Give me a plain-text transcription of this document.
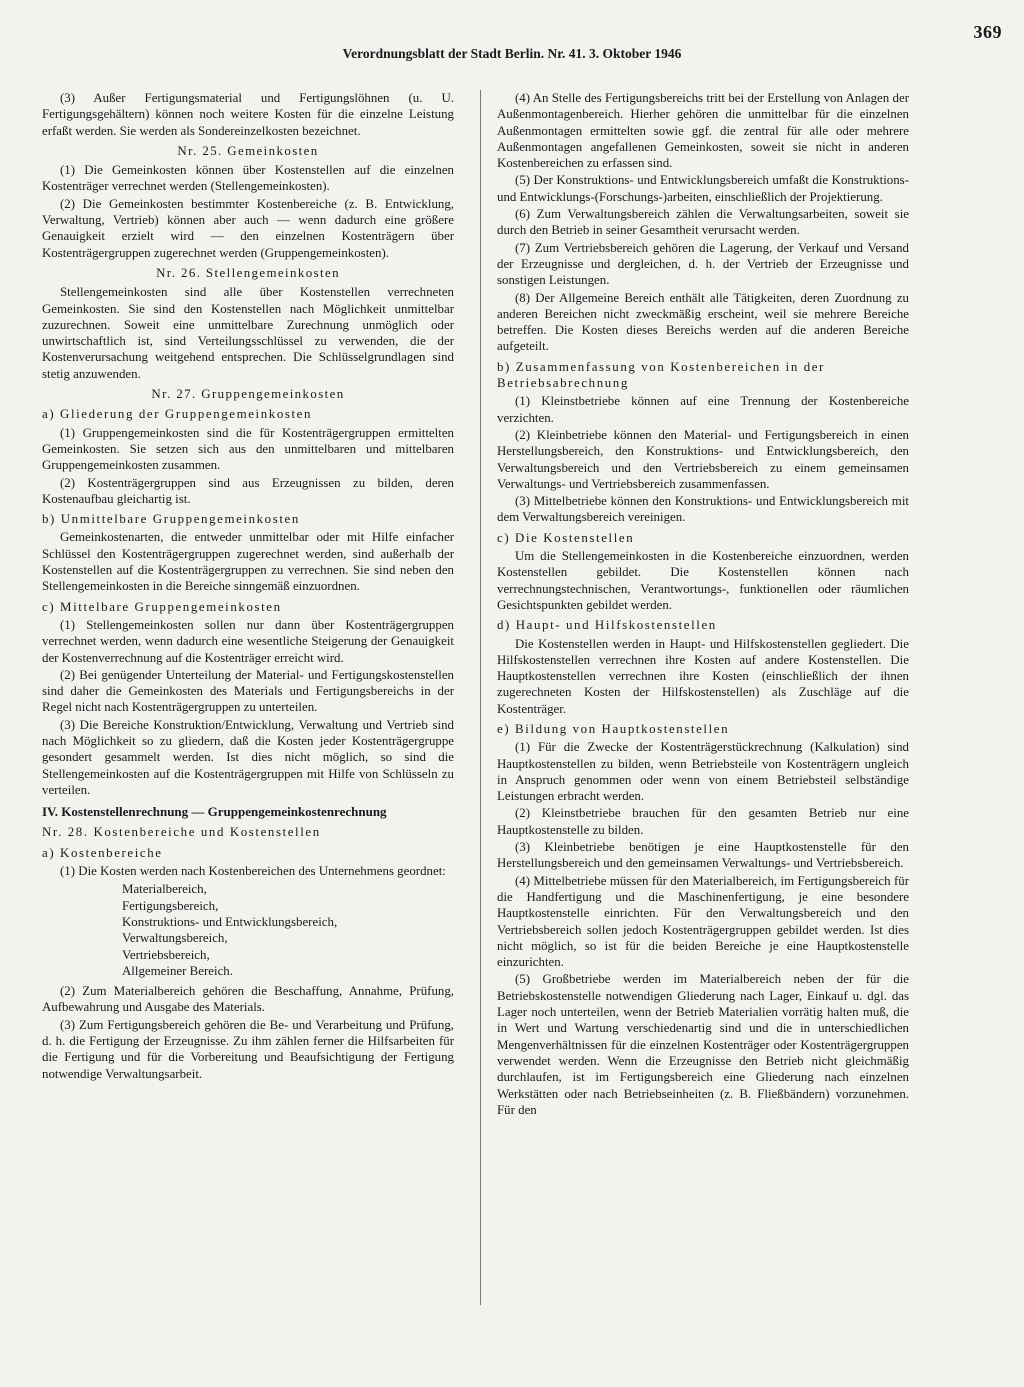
369
Verordnungsblatt der Stadt Berlin. Nr. 41. 3. Oktober 1946

(3) Außer Fertigungsmaterial und Fertigungslöhnen (u. U. Fertigungsgehältern) können noch weitere Kosten für die einzelne Leistung erfaßt werden. Sie werden als Sondereinzelkosten bezeichnet.

Nr. 25. Gemeinkosten

(1) Die Gemeinkosten können über Kostenstellen auf die einzelnen Kostenträger verrechnet werden (Stellengemeinkosten).

(2) Die Gemeinkosten bestimmter Kostenbereiche (z. B. Entwicklung, Verwaltung, Vertrieb) können aber auch — wenn dadurch eine größere Genauigkeit erzielt wird — den einzelnen Kostenträgern über Kostenträgergruppen zugerechnet werden (Gruppengemeinkosten).

Nr. 26. Stellengemeinkosten

Stellengemeinkosten sind alle über Kostenstellen verrechneten Gemeinkosten. Sie sind den Kostenstellen nach Möglichkeit unmittelbar zuzurechnen. Soweit eine unmittelbare Zurechnung unmöglich oder unwirtschaftlich ist, sind Verteilungsschlüssel zu verwenden, die der Kostenverursachung weitgehend entsprechen. Die Schlüsselgrundlagen sind stetig anzuwenden.

Nr. 27. Gruppengemeinkosten
a) Gliederung der Gruppengemeinkosten

(1) Gruppengemeinkosten sind die für Kostenträgergruppen ermittelten Gemeinkosten. Sie setzen sich aus den unmittelbaren und mittelbaren Gruppengemeinkosten zusammen.

(2) Kostenträgergruppen sind aus Erzeugnissen zu bilden, deren Kostenaufbau gleichartig ist.

b) Unmittelbare Gruppengemeinkosten

Gemeinkostenarten, die entweder unmittelbar oder mit Hilfe einfacher Schlüssel den Kostenträgergruppen zugerechnet werden, sind außerhalb der Kostenstellen auf die Kostenträgergruppen zu verrechnen. Sie sind neben den Stellengemeinkosten in die Bereiche sinngemäß einzuordnen.

c) Mittelbare Gruppengemeinkosten

(1) Stellengemeinkosten sollen nur dann über Kostenträgergruppen verrechnet werden, wenn dadurch eine wesentliche Steigerung der Genauigkeit der Kostenverrechnung auf die Kostenträger erreicht wird.

(2) Bei genügender Unterteilung der Material- und Fertigungskostenstellen sind daher die Gemeinkosten des Materials und Fertigungsbereichs in der Regel nicht nach Kostenträgergruppen zu unterteilen.

(3) Die Bereiche Konstruktion/Entwicklung, Verwaltung und Vertrieb sind nach Möglichkeit so zu gliedern, daß die Kosten jeder Kostenträgergruppe gesondert gesammelt werden. Ist dies nicht möglich, so sind die Stellengemeinkosten auf die Kostenträgergruppen mit Hilfe von Schlüsseln zu verteilen.

IV. Kostenstellenrechnung — Gruppengemeinkostenrechnung
Nr. 28. Kostenbereiche und Kostenstellen
a) Kostenbereiche

(1) Die Kosten werden nach Kostenbereichen des Unternehmens geordnet:

Materialbereich,
Fertigungsbereich,
Konstruktions- und Entwicklungsbereich,
Verwaltungsbereich,
Vertriebsbereich,
Allgemeiner Bereich.

(2) Zum Materialbereich gehören die Beschaffung, Annahme, Prüfung, Aufbewahrung und Ausgabe des Materials.

(3) Zum Fertigungsbereich gehören die Be- und Verarbeitung und Prüfung, d. h. die Fertigung der Erzeugnisse. Zu ihm zählen ferner die Hilfsarbeiten für die Fertigung und für die Vorbereitung und Beaufsichtigung der Fertigung notwendige Verwaltungsarbeit.

(4) An Stelle des Fertigungsbereichs tritt bei der Erstellung von Anlagen der Außenmontagenbereich. Hierher gehören die unmittelbar für die einzelnen Außenmontagen ermittelten sowie ggf. die zentral für alle oder mehrere Außenmontagen angefallenen Gemeinkosten, soweit sie nicht in anderen Kostenbereichen zu erfassen sind.

(5) Der Konstruktions- und Entwicklungsbereich umfaßt die Konstruktions- und Entwicklungs-(Forschungs-)arbeiten, einschließlich der Projektierung.

(6) Zum Verwaltungsbereich zählen die Verwaltungsarbeiten, soweit sie durch den Betrieb in seiner Gesamtheit verursacht werden.

(7) Zum Vertriebsbereich gehören die Lagerung, der Verkauf und Versand der Erzeugnisse und dergleichen, d. h. der Vertrieb der Erzeugnisse und sonstigen Leistungen.

(8) Der Allgemeine Bereich enthält alle Tätigkeiten, deren Zuordnung zu anderen Bereichen nicht zweckmäßig erscheint, weil sie mehrere Bereiche betreffen. Die Kosten dieses Bereichs werden auf die anderen Bereiche aufgeteilt.

b) Zusammenfassung von Kostenbereichen in der Betriebsabrechnung

(1) Kleinstbetriebe können auf eine Trennung der Kostenbereiche verzichten.

(2) Kleinbetriebe können den Material- und Fertigungsbereich in einen Herstellungsbereich, den Konstruktions- und Entwicklungsbereich, den Verwaltungsbereich und den Vertriebsbereich zu einem gemeinsamen Verwaltungs- und Vertriebsbereich zusammenfassen.

(3) Mittelbetriebe können den Konstruktions- und Entwicklungsbereich mit dem Verwaltungsbereich vereinigen.

c) Die Kostenstellen

Um die Stellengemeinkosten in die Kostenbereiche einzuordnen, werden Kostenstellen gebildet. Die Kostenstellen können nach verrechnungstechnischen, Verantwortungs-, funktionellen oder räumlichen Gesichtspunkten gebildet werden.

d) Haupt- und Hilfskostenstellen

Die Kostenstellen werden in Haupt- und Hilfskostenstellen gegliedert. Die Hilfskostenstellen verrechnen ihre Kosten auf andere Kostenstellen. Die Hauptkostenstellen verrechnen ihre Kosten (einschließlich der ihnen zugerechneten Kosten der Hilfskostenstellen) als Zuschläge auf die Kostenträger.

e) Bildung von Hauptkostenstellen

(1) Für die Zwecke der Kostenträgerstückrechnung (Kalkulation) sind Hauptkostenstellen zu bilden, wenn Betriebsteile von Kostenträgern ungleich in Anspruch genommen oder wenn von einem Betriebsteil selbständige Leistungen erbracht werden.

(2) Kleinstbetriebe brauchen für den gesamten Betrieb nur eine Hauptkostenstelle zu bilden.

(3) Kleinbetriebe benötigen je eine Hauptkostenstelle für den Herstellungsbereich und den gemeinsamen Verwaltungs- und Vertriebsbereich.

(4) Mittelbetriebe müssen für den Materialbereich, im Fertigungsbereich für die Handfertigung und die Maschinenfertigung, je eine besondere Hauptkostenstelle einrichten. Für den Verwaltungsbereich und den Vertriebsbereich sollen jedoch Kostenträgergruppen gebildet werden. Ist dies nicht möglich, so ist für die beiden Bereiche je eine Hauptkostenstelle einzurichten.

(5) Großbetriebe werden im Materialbereich neben der für die Betriebskostenstelle notwendigen Gliederung nach Lager, Einkauf u. dgl. das Lager noch unterteilen, wenn der Betrieb Materialien vorrätig halten muß, die in Wert und Wartung verschiedenartig sind und die in unterschiedlichen Mengenverhältnissen für die einzelnen Kostenträger oder Kostenträgergruppen verwendet werden. Wenn die Erzeugnisse den Betrieb nicht gleichmäßig durchlaufen, ist im Fertigungsbereich eine Gliederung nach einzelnen Werkstätten oder nach Betriebseinheiten (z. B. Fließbändern) vorzunehmen. Für den
